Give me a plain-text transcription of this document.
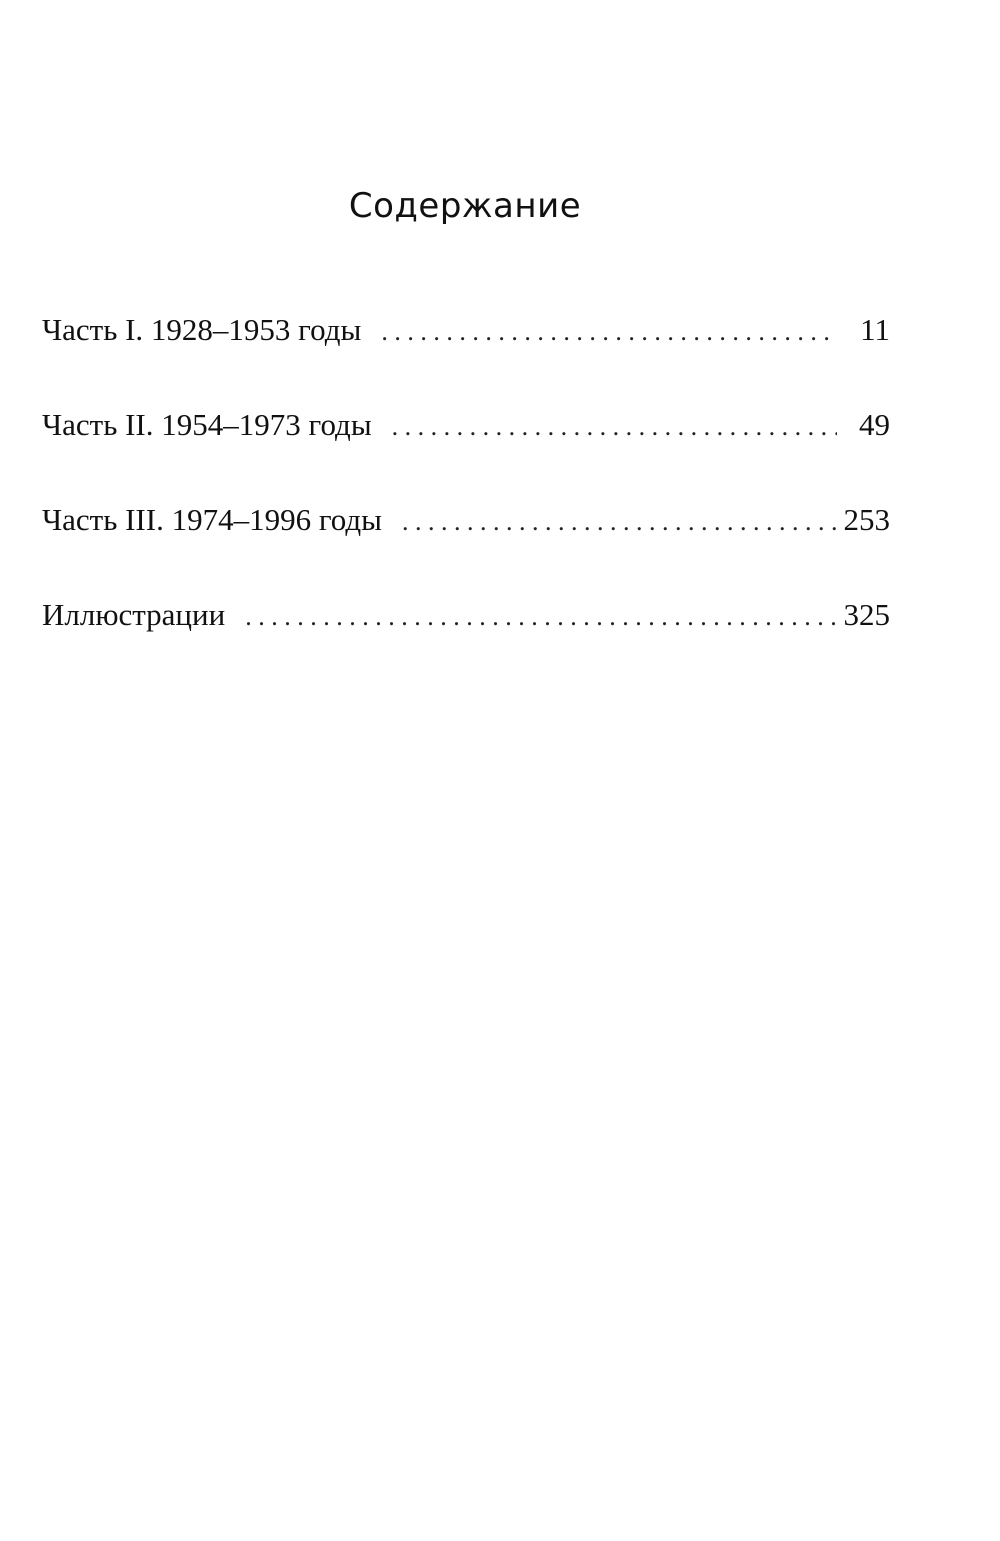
Содержание
Часть I. 1928–1953 годы . . .	11
Часть II. 1954–1973 годы . . .	49
Часть III. 1974–1996 годы . . .	253
Иллюстрации . . .	325
